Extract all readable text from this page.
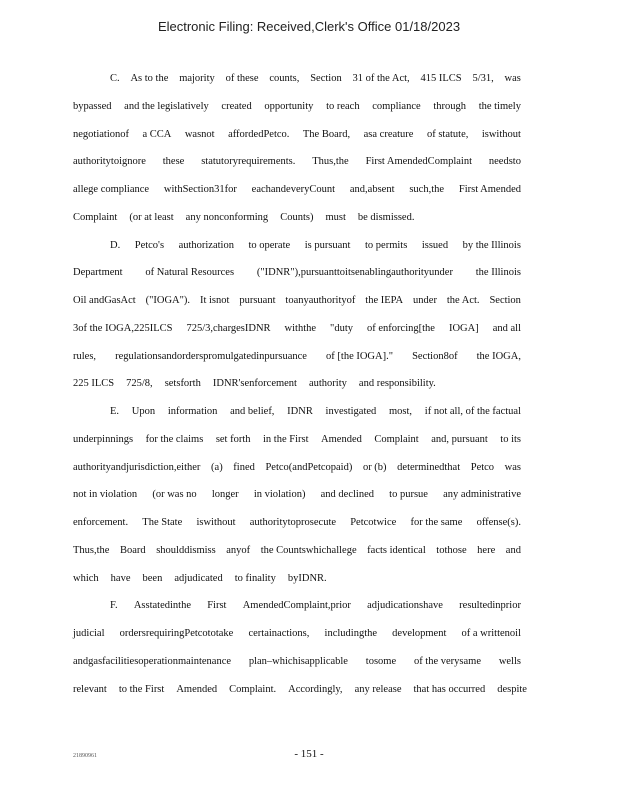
Electronic Filing: Received,Clerk's Office 01/18/2023
C. As to the majority of these counts, Section 31 of the Act, 415 ILCS 5/31, was
bypassed and the legislatively created opportunity to reach compliance through the timely
negotiationof a CCA wasnot affordedPetco. The Board, asa creature of statute, iswithout
authoritytoignore these statutoryrequirements. Thus,the First AmendedComplaint needsto
allege compliance withSection31for eachandeveryCount and,absent such,the First Amended
Complaint (or at least any nonconforming Counts) must be dismissed.
D. Petco's authorization to operate is pursuant to permits issued by the Illinois
Department of Natural Resources ("IDNR"),pursuanttoitsenablingauthorityunder the Illinois
Oil andGasAct ("IOGA"). It isnot pursuant toanyauthorityof the IEPA under the Act. Section
3of the IOGA,225ILCS 725/3,chargesIDNR withthe "duty of enforcing[the IOGA] and all
rules, regulationsandorderspromulgatedinpursuance of [the IOGA]." Section8of the IOGA,
225 ILCS 725/8, setsforth IDNR'senforcement authority and responsibility.
E. Upon information and belief, IDNR investigated most, if not all, of the factual
underpinnings for the claims set forth in the First Amended Complaint and, pursuant to its
authorityandjurisdiction,either (a) fined Petco(andPetcopaid) or (b) determinedthat Petco was
not in violation (or was no longer in violation) and declined to pursue any administrative
enforcement. The State iswithout authoritytoprosecute Petcotwice for the same offense(s).
Thus,the Board shoulddismiss anyof the Countswhichallege facts identical tothose here and
which have been adjudicated to finality byIDNR.
F. Asstatedinthe First AmendedComplaint,prior adjudicationshave resultedinprior
judicial ordersrequiringPetcototake certainactions, includingthe development of a writtenoil
andgasfacilitiesoperationmaintenance plan–whichisapplicable tosome of the verysame wells
relevant to the First Amended Complaint. Accordingly, any release that has occurred despite
21890961	- 151 -
